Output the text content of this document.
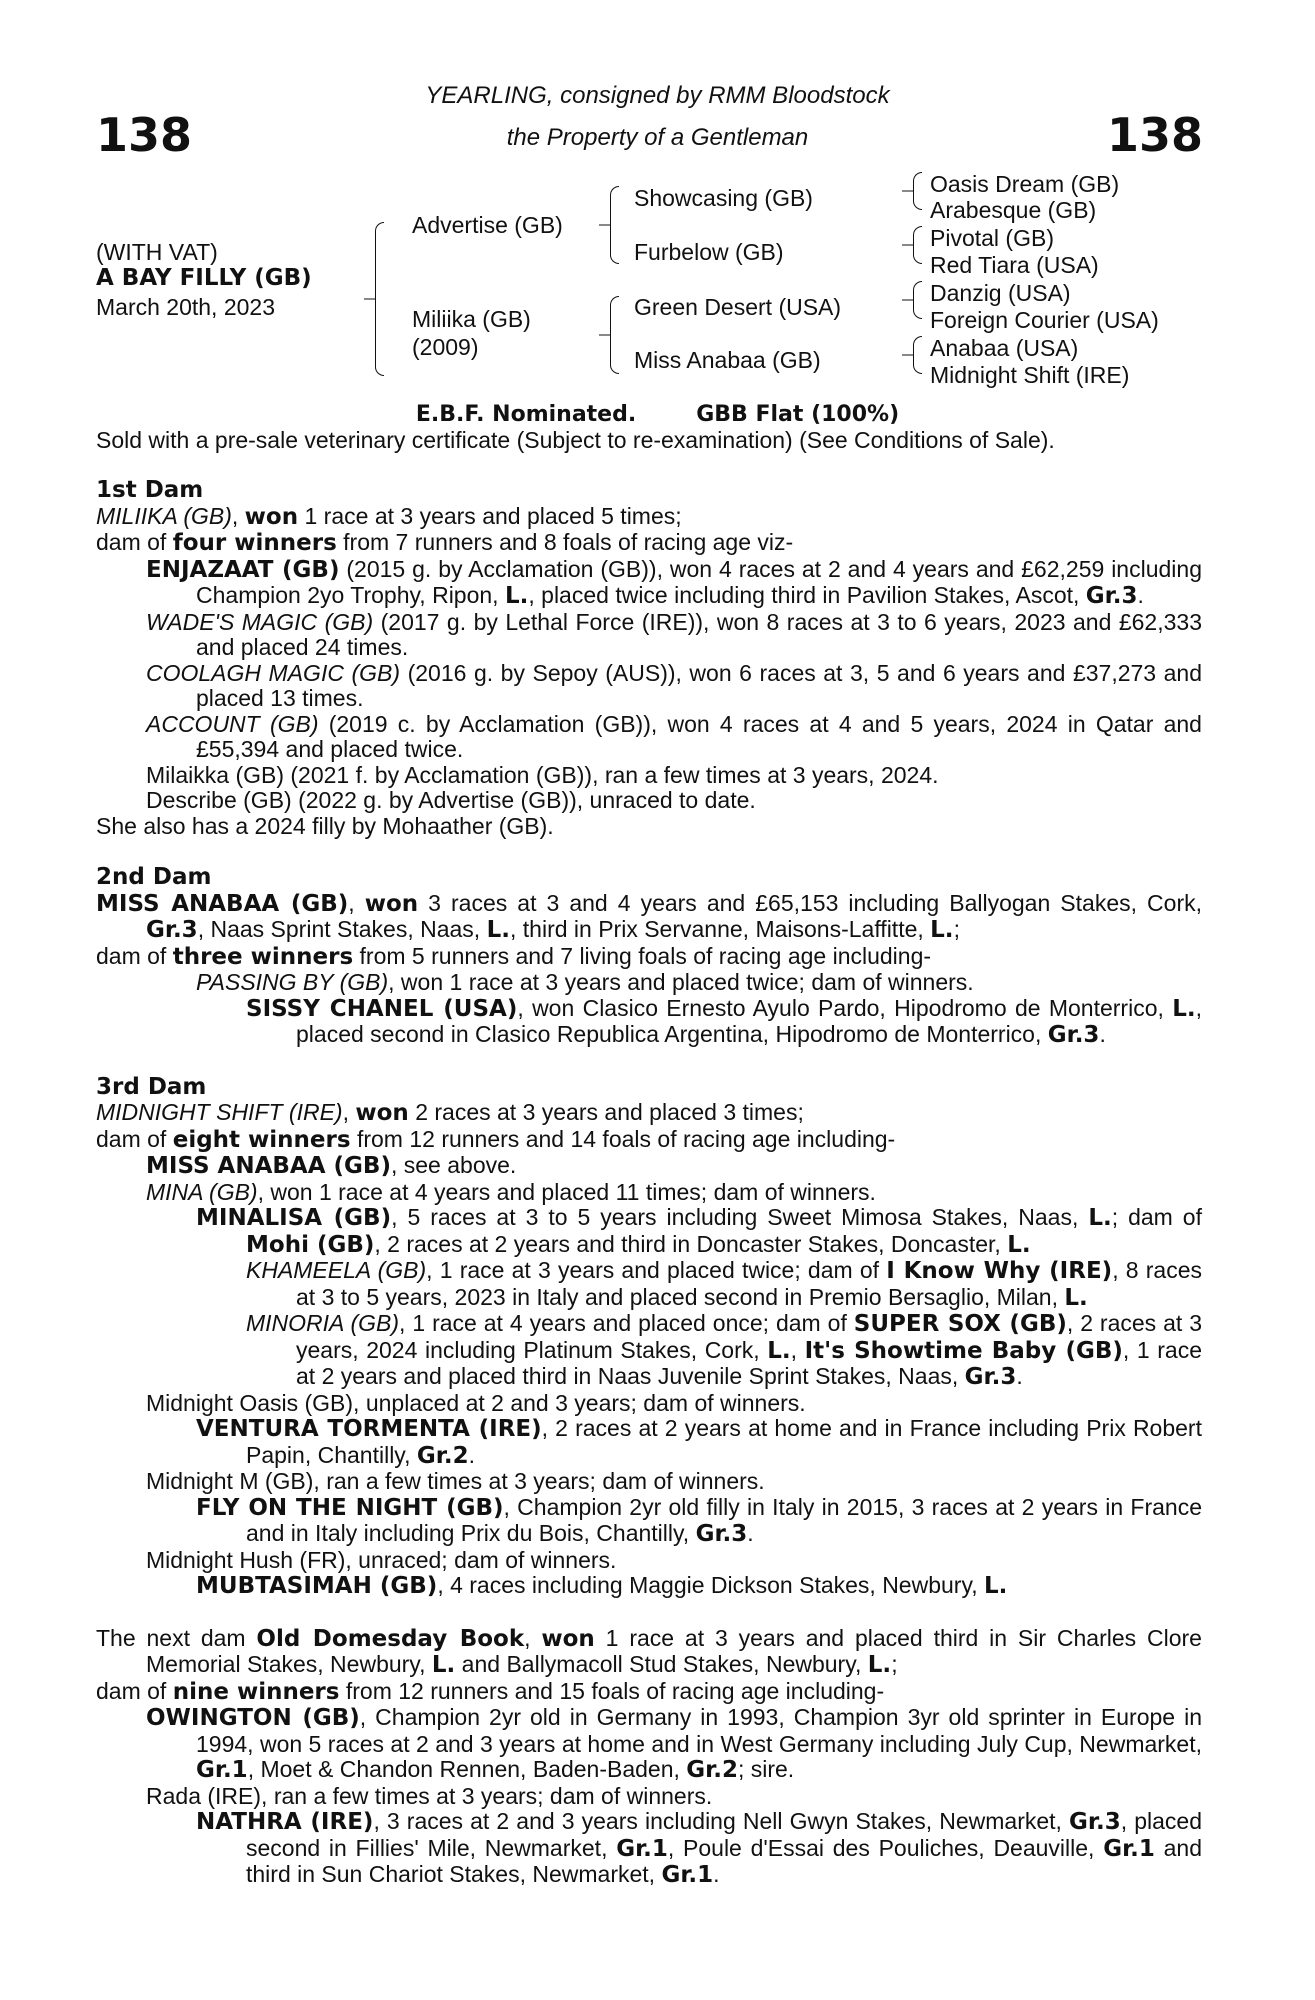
138	138
YEARLING, consigned by RMM Bloodstock
the Property of a Gentleman
(WITH VAT)
A BAY FILLY (GB)
March 20th, 2023
Advertise (GB)
Miliika (GB)
(2009)
Showcasing (GB)
Furbelow (GB)
Green Desert (USA)
Miss Anabaa (GB)
Oasis Dream (GB)
Arabesque (GB)
Pivotal (GB)
Red Tiara (USA)
Danzig (USA)
Foreign Courier (USA)
Anabaa (USA)
Midnight Shift (IRE)
E.B.F. Nominated.	GBB Flat (100%)
Sold with a pre-sale veterinary certificate (Subject to re-examination) (See Conditions of Sale).
1st Dam
MILIIKA (GB), won 1 race at 3 years and placed 5 times;
dam of four winners from 7 runners and 8 foals of racing age viz-
ENJAZAAT (GB) (2015 g. by Acclamation (GB)), won 4 races at 2 and 4 years and £62,259 including Champion 2yo Trophy, Ripon, L., placed twice including third in Pavilion Stakes, Ascot, Gr.3.
WADE'S MAGIC (GB) (2017 g. by Lethal Force (IRE)), won 8 races at 3 to 6 years, 2023 and £62,333 and placed 24 times.
COOLAGH MAGIC (GB) (2016 g. by Sepoy (AUS)), won 6 races at 3, 5 and 6 years and £37,273 and placed 13 times.
ACCOUNT (GB) (2019 c. by Acclamation (GB)), won 4 races at 4 and 5 years, 2024 in Qatar and £55,394 and placed twice.
Milaikka (GB) (2021 f. by Acclamation (GB)), ran a few times at 3 years, 2024.
Describe (GB) (2022 g. by Advertise (GB)), unraced to date.
She also has a 2024 filly by Mohaather (GB).
2nd Dam
MISS ANABAA (GB), won 3 races at 3 and 4 years and £65,153 including Ballyogan Stakes, Cork, Gr.3, Naas Sprint Stakes, Naas, L., third in Prix Servanne, Maisons-Laffitte, L.;
dam of three winners from 5 runners and 7 living foals of racing age including-
PASSING BY (GB), won 1 race at 3 years and placed twice; dam of winners.
SISSY CHANEL (USA), won Clasico Ernesto Ayulo Pardo, Hipodromo de Monterrico, L., placed second in Clasico Republica Argentina, Hipodromo de Monterrico, Gr.3.
3rd Dam
MIDNIGHT SHIFT (IRE), won 2 races at 3 years and placed 3 times;
dam of eight winners from 12 runners and 14 foals of racing age including-
MISS ANABAA (GB), see above.
MINA (GB), won 1 race at 4 years and placed 11 times; dam of winners.
MINALISA (GB), 5 races at 3 to 5 years including Sweet Mimosa Stakes, Naas, L.; dam of Mohi (GB), 2 races at 2 years and third in Doncaster Stakes, Doncaster, L.
KHAMEELA (GB), 1 race at 3 years and placed twice; dam of I Know Why (IRE), 8 races at 3 to 5 years, 2023 in Italy and placed second in Premio Bersaglio, Milan, L.
MINORIA (GB), 1 race at 4 years and placed once; dam of SUPER SOX (GB), 2 races at 3 years, 2024 including Platinum Stakes, Cork, L., It's Showtime Baby (GB), 1 race at 2 years and placed third in Naas Juvenile Sprint Stakes, Naas, Gr.3.
Midnight Oasis (GB), unplaced at 2 and 3 years; dam of winners.
VENTURA TORMENTA (IRE), 2 races at 2 years at home and in France including Prix Robert Papin, Chantilly, Gr.2.
Midnight M (GB), ran a few times at 3 years; dam of winners.
FLY ON THE NIGHT (GB), Champion 2yr old filly in Italy in 2015, 3 races at 2 years in France and in Italy including Prix du Bois, Chantilly, Gr.3.
Midnight Hush (FR), unraced; dam of winners.
MUBTASIMAH (GB), 4 races including Maggie Dickson Stakes, Newbury, L.
The next dam Old Domesday Book, won 1 race at 3 years and placed third in Sir Charles Clore Memorial Stakes, Newbury, L. and Ballymacoll Stud Stakes, Newbury, L.;
dam of nine winners from 12 runners and 15 foals of racing age including-
OWINGTON (GB), Champion 2yr old in Germany in 1993, Champion 3yr old sprinter in Europe in 1994, won 5 races at 2 and 3 years at home and in West Germany including July Cup, Newmarket, Gr.1, Moet & Chandon Rennen, Baden-Baden, Gr.2; sire.
Rada (IRE), ran a few times at 3 years; dam of winners.
NATHRA (IRE), 3 races at 2 and 3 years including Nell Gwyn Stakes, Newmarket, Gr.3, placed second in Fillies' Mile, Newmarket, Gr.1, Poule d'Essai des Pouliches, Deauville, Gr.1 and third in Sun Chariot Stakes, Newmarket, Gr.1.
